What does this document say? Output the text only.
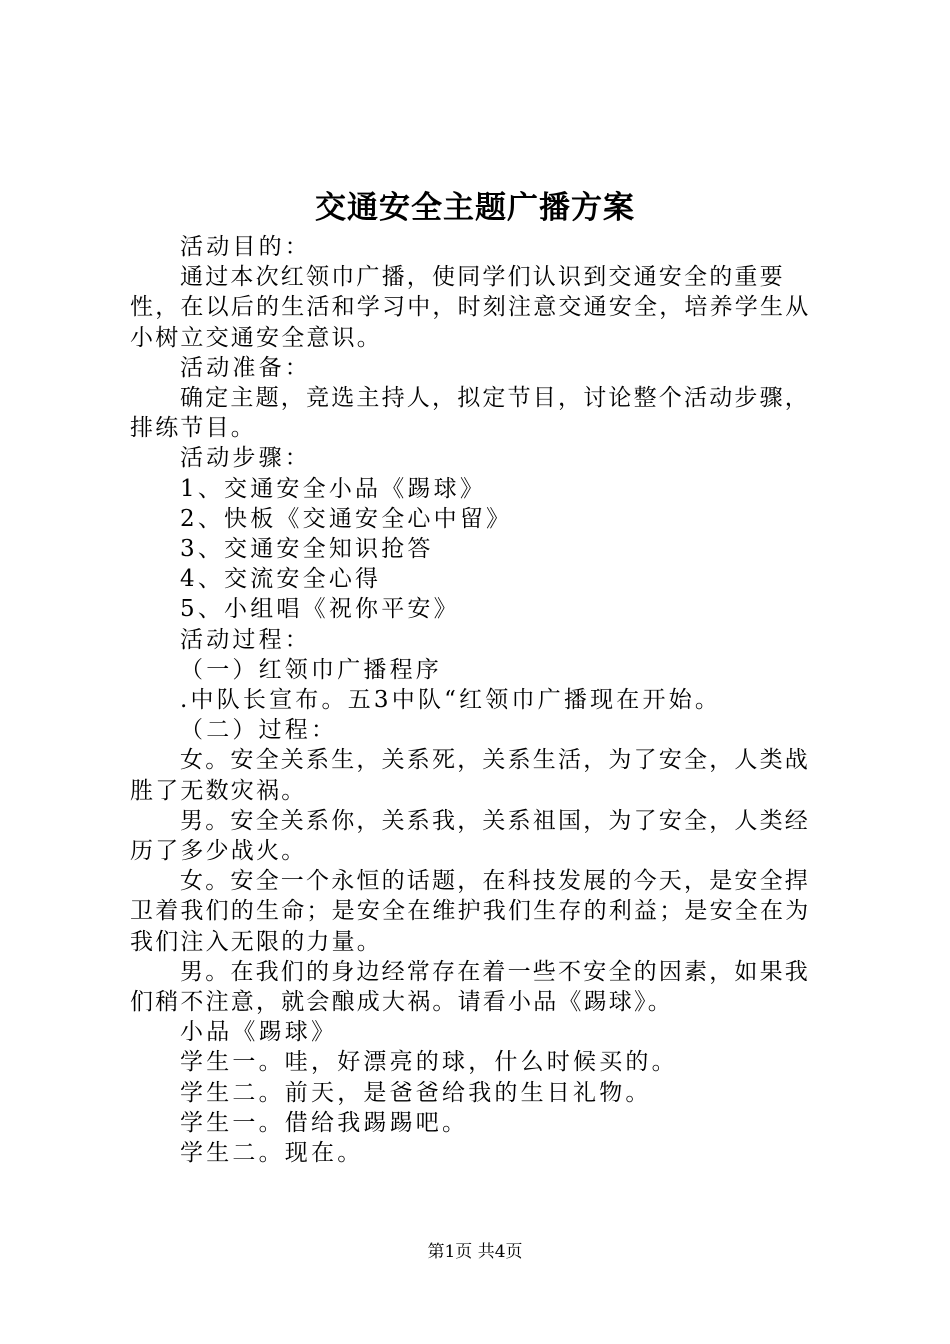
交通安全主题广播方案

活动目的：

通过本次红领巾广播，使同学们认识到交通安全的重要性，在以后的生活和学习中，时刻注意交通安全，培养学生从小树立交通安全意识。

活动准备：

确定主题，竞选主持人，拟定节目，讨论整个活动步骤，排练节目。

活动步骤：

1、交通安全小品《踢球》

2、快板《交通安全心中留》

3、交通安全知识抢答

4、交流安全心得

5、小组唱《祝你平安》

活动过程：

（一）红领巾广播程序

.中队长宣布。五3中队“红领巾广播现在开始。

（二）过程：

女。安全关系生，关系死，关系生活，为了安全，人类战胜了无数灾祸。

男。安全关系你，关系我，关系祖国，为了安全，人类经历了多少战火。

女。安全一个永恒的话题，在科技发展的今天，是安全捍卫着我们的生命；是安全在维护我们生存的利益；是安全在为我们注入无限的力量。

男。在我们的身边经常存在着一些不安全的因素，如果我们稍不注意，就会酿成大祸。请看小品《踢球》。

小品《踢球》

学生一。哇，好漂亮的球，什么时候买的。

学生二。前天，是爸爸给我的生日礼物。

学生一。借给我踢踢吧。

学生二。现在。

第1页 共4页
